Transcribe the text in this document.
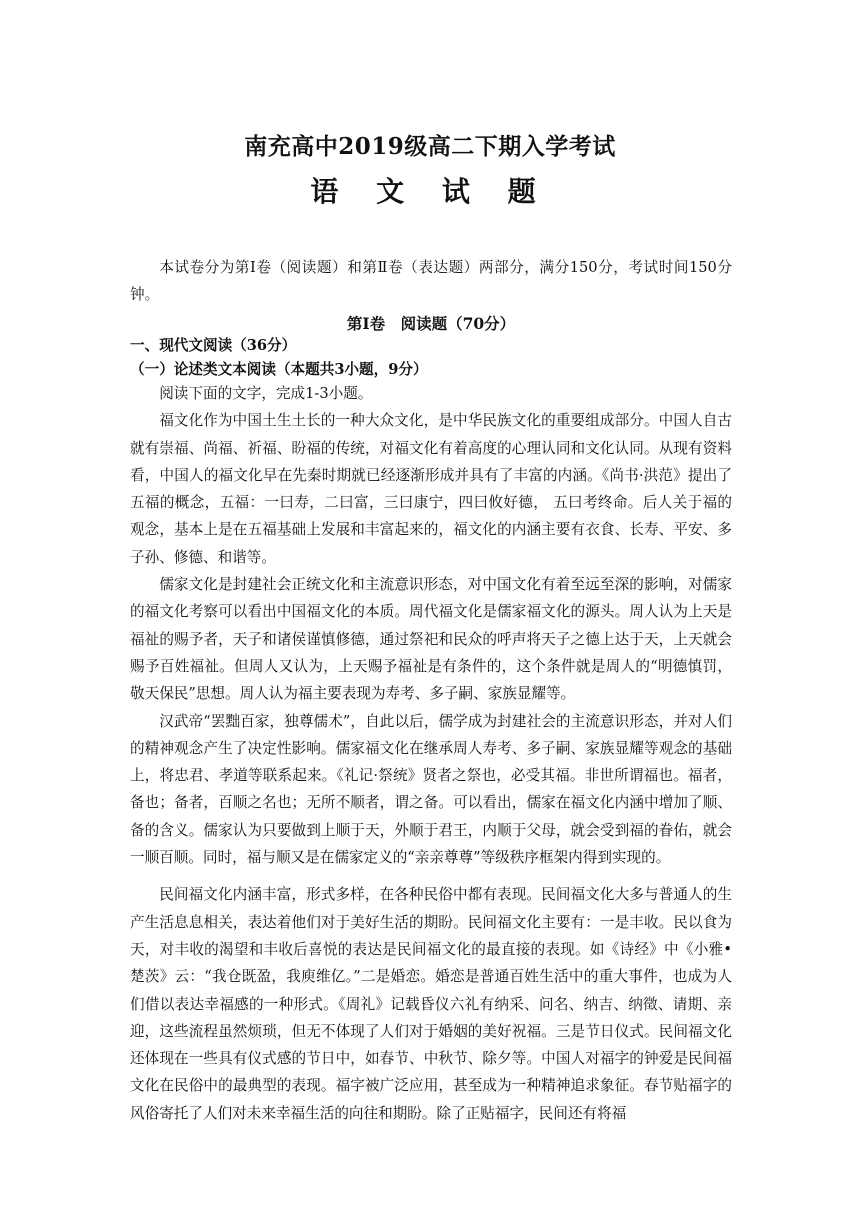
南充高中2019级高二下期入学考试
语 文 试 题

本试卷分为第Ⅰ卷（阅读题）和第Ⅱ卷（表达题）两部分，满分150分，考试时间150分钟。

第Ⅰ卷　阅读题（70分）
一、现代文阅读（36分）
（一）论述类文本阅读（本题共3小题，9分）

阅读下面的文字，完成1-3小题。

福文化作为中国土生土长的一种大众文化，是中华民族文化的重要组成部分。中国人自古就有崇福、尚福、祈福、盼福的传统，对福文化有着高度的心理认同和文化认同。从现有资料看，中国人的福文化早在先秦时期就已经逐渐形成并具有了丰富的内涵。《尚书·洪范》提出了五福的概念，五福：一曰寿，二曰富，三曰康宁，四曰攸好德， 五曰考终命。后人关于福的观念，基本上是在五福基础上发展和丰富起来的，福文化的内涵主要有衣食、长寿、平安、多子孙、修德、和谐等。

儒家文化是封建社会正统文化和主流意识形态，对中国文化有着至远至深的影响，对儒家的福文化考察可以看出中国福文化的本质。周代福文化是儒家福文化的源头。周人认为上天是福祉的赐予者，天子和诸侯谨慎修德，通过祭祀和民众的呼声将天子之德上达于天，上天就会赐予百姓福祉。但周人又认为，上天赐予福祉是有条件的，这个条件就是周人的“明德慎罚，敬天保民”思想。周人认为福主要表现为寿考、多子嗣、家族显耀等。

汉武帝“罢黜百家，独尊儒术”，自此以后，儒学成为封建社会的主流意识形态，并对人们的精神观念产生了决定性影响。儒家福文化在继承周人寿考、多子嗣、家族显耀等观念的基础上，将忠君、孝道等联系起来。《礼记·祭统》贤者之祭也，必受其福。非世所谓福也。福者，备也；备者，百顺之名也；无所不顺者，谓之备。可以看出，儒家在福文化内涵中增加了顺、备的含义。儒家认为只要做到上顺于天，外顺于君王，内顺于父母，就会受到福的眷佑，就会一顺百顺。同时，福与顺又是在儒家定义的“亲亲尊尊”等级秩序框架内得到实现的。

民间福文化内涵丰富，形式多样，在各种民俗中都有表现。民间福文化大多与普通人的生产生活息息相关，表达着他们对于美好生活的期盼。民间福文化主要有：一是丰收。民以食为天，对丰收的渴望和丰收后喜悦的表达是民间福文化的最直接的表现。如《诗经》中《小雅•楚茨》云：“我仓既盈，我庾维亿。”二是婚恋。婚恋是普通百姓生活中的重大事件，也成为人们借以表达幸福感的一种形式。《周礼》记载昏仪六礼有纳采、问名、纳吉、纳徵、请期、亲迎，这些流程虽然烦琐，但无不体现了人们对于婚姻的美好祝福。三是节日仪式。民间福文化还体现在一些具有仪式感的节日中，如春节、中秋节、除夕等。中国人对福字的钟爱是民间福文化在民俗中的最典型的表现。福字被广泛应用，甚至成为一种精神追求象征。春节贴福字的风俗寄托了人们对未来幸福生活的向往和期盼。除了正贴福字，民间还有将福
